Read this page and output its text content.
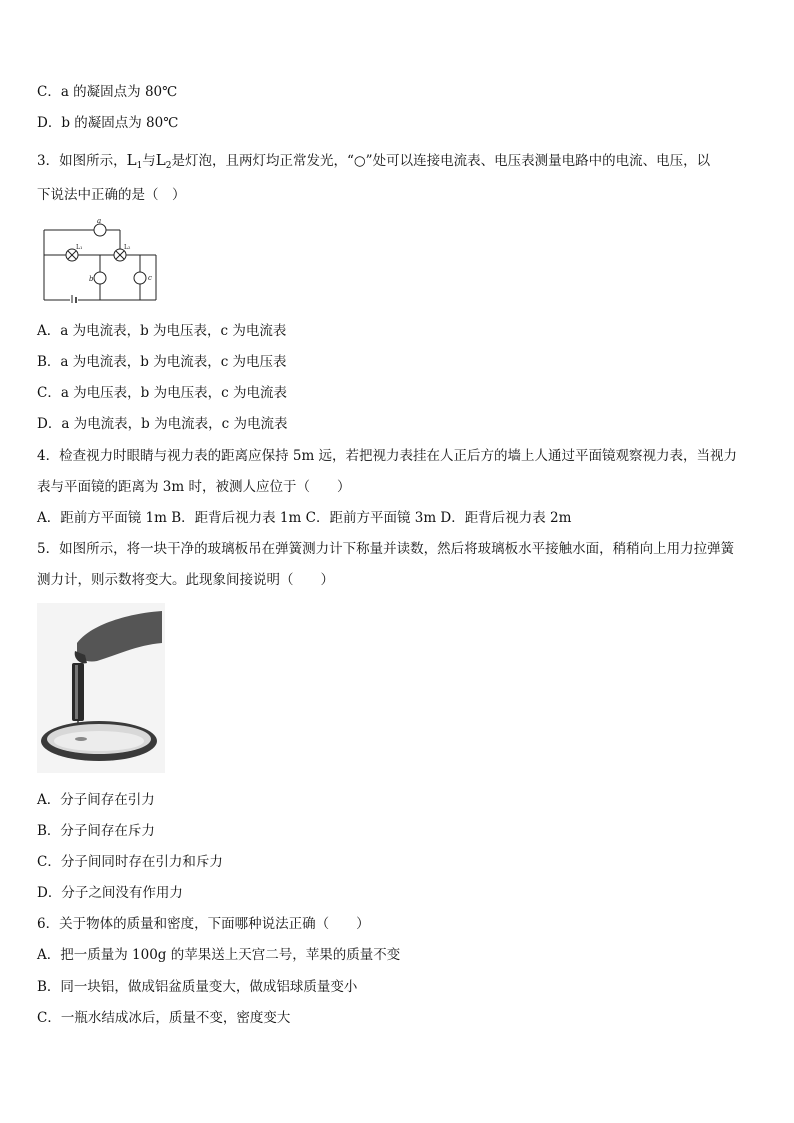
C．a 的凝固点为 80℃
D．b 的凝固点为 80℃
3．如图所示，$L_1$与$L_2$是灯泡，且两灯均正常发光，“○”处可以连接电流表、电压表测量电路中的电流、电压，以
下说法中正确的是（　）
a
L₁	L₂
b	c
A．a 为电流表，b 为电压表，c 为电流表
B．a 为电流表，b 为电流表，c 为电压表
C．a 为电压表，b 为电压表，c 为电流表
D．a 为电流表，b 为电流表，c 为电流表
4．检查视力时眼睛与视力表的距离应保持 5m 远，若把视力表挂在人正后方的墙上人通过平面镜观察视力表，当视力
表与平面镜的距离为 3m 时，被测人应位于（　　）
A．距前方平面镜 1m B．距背后视力表 1m C．距前方平面镜 3m D．距背后视力表 2m
5．如图所示，将一块干净的玻璃板吊在弹簧测力计下称量并读数，然后将玻璃板水平接触水面，稍稍向上用力拉弹簧
测力计，则示数将变大。此现象间接说明（　　）
A．分子间存在引力
B．分子间存在斥力
C．分子间同时存在引力和斥力
D．分子之间没有作用力
6．关于物体的质量和密度，下面哪种说法正确（　　）
A．把一质量为 100g 的苹果送上天宫二号，苹果的质量不变
B．同一块铝，做成铝盆质量变大，做成铝球质量变小
C．一瓶水结成冰后，质量不变，密度变大
